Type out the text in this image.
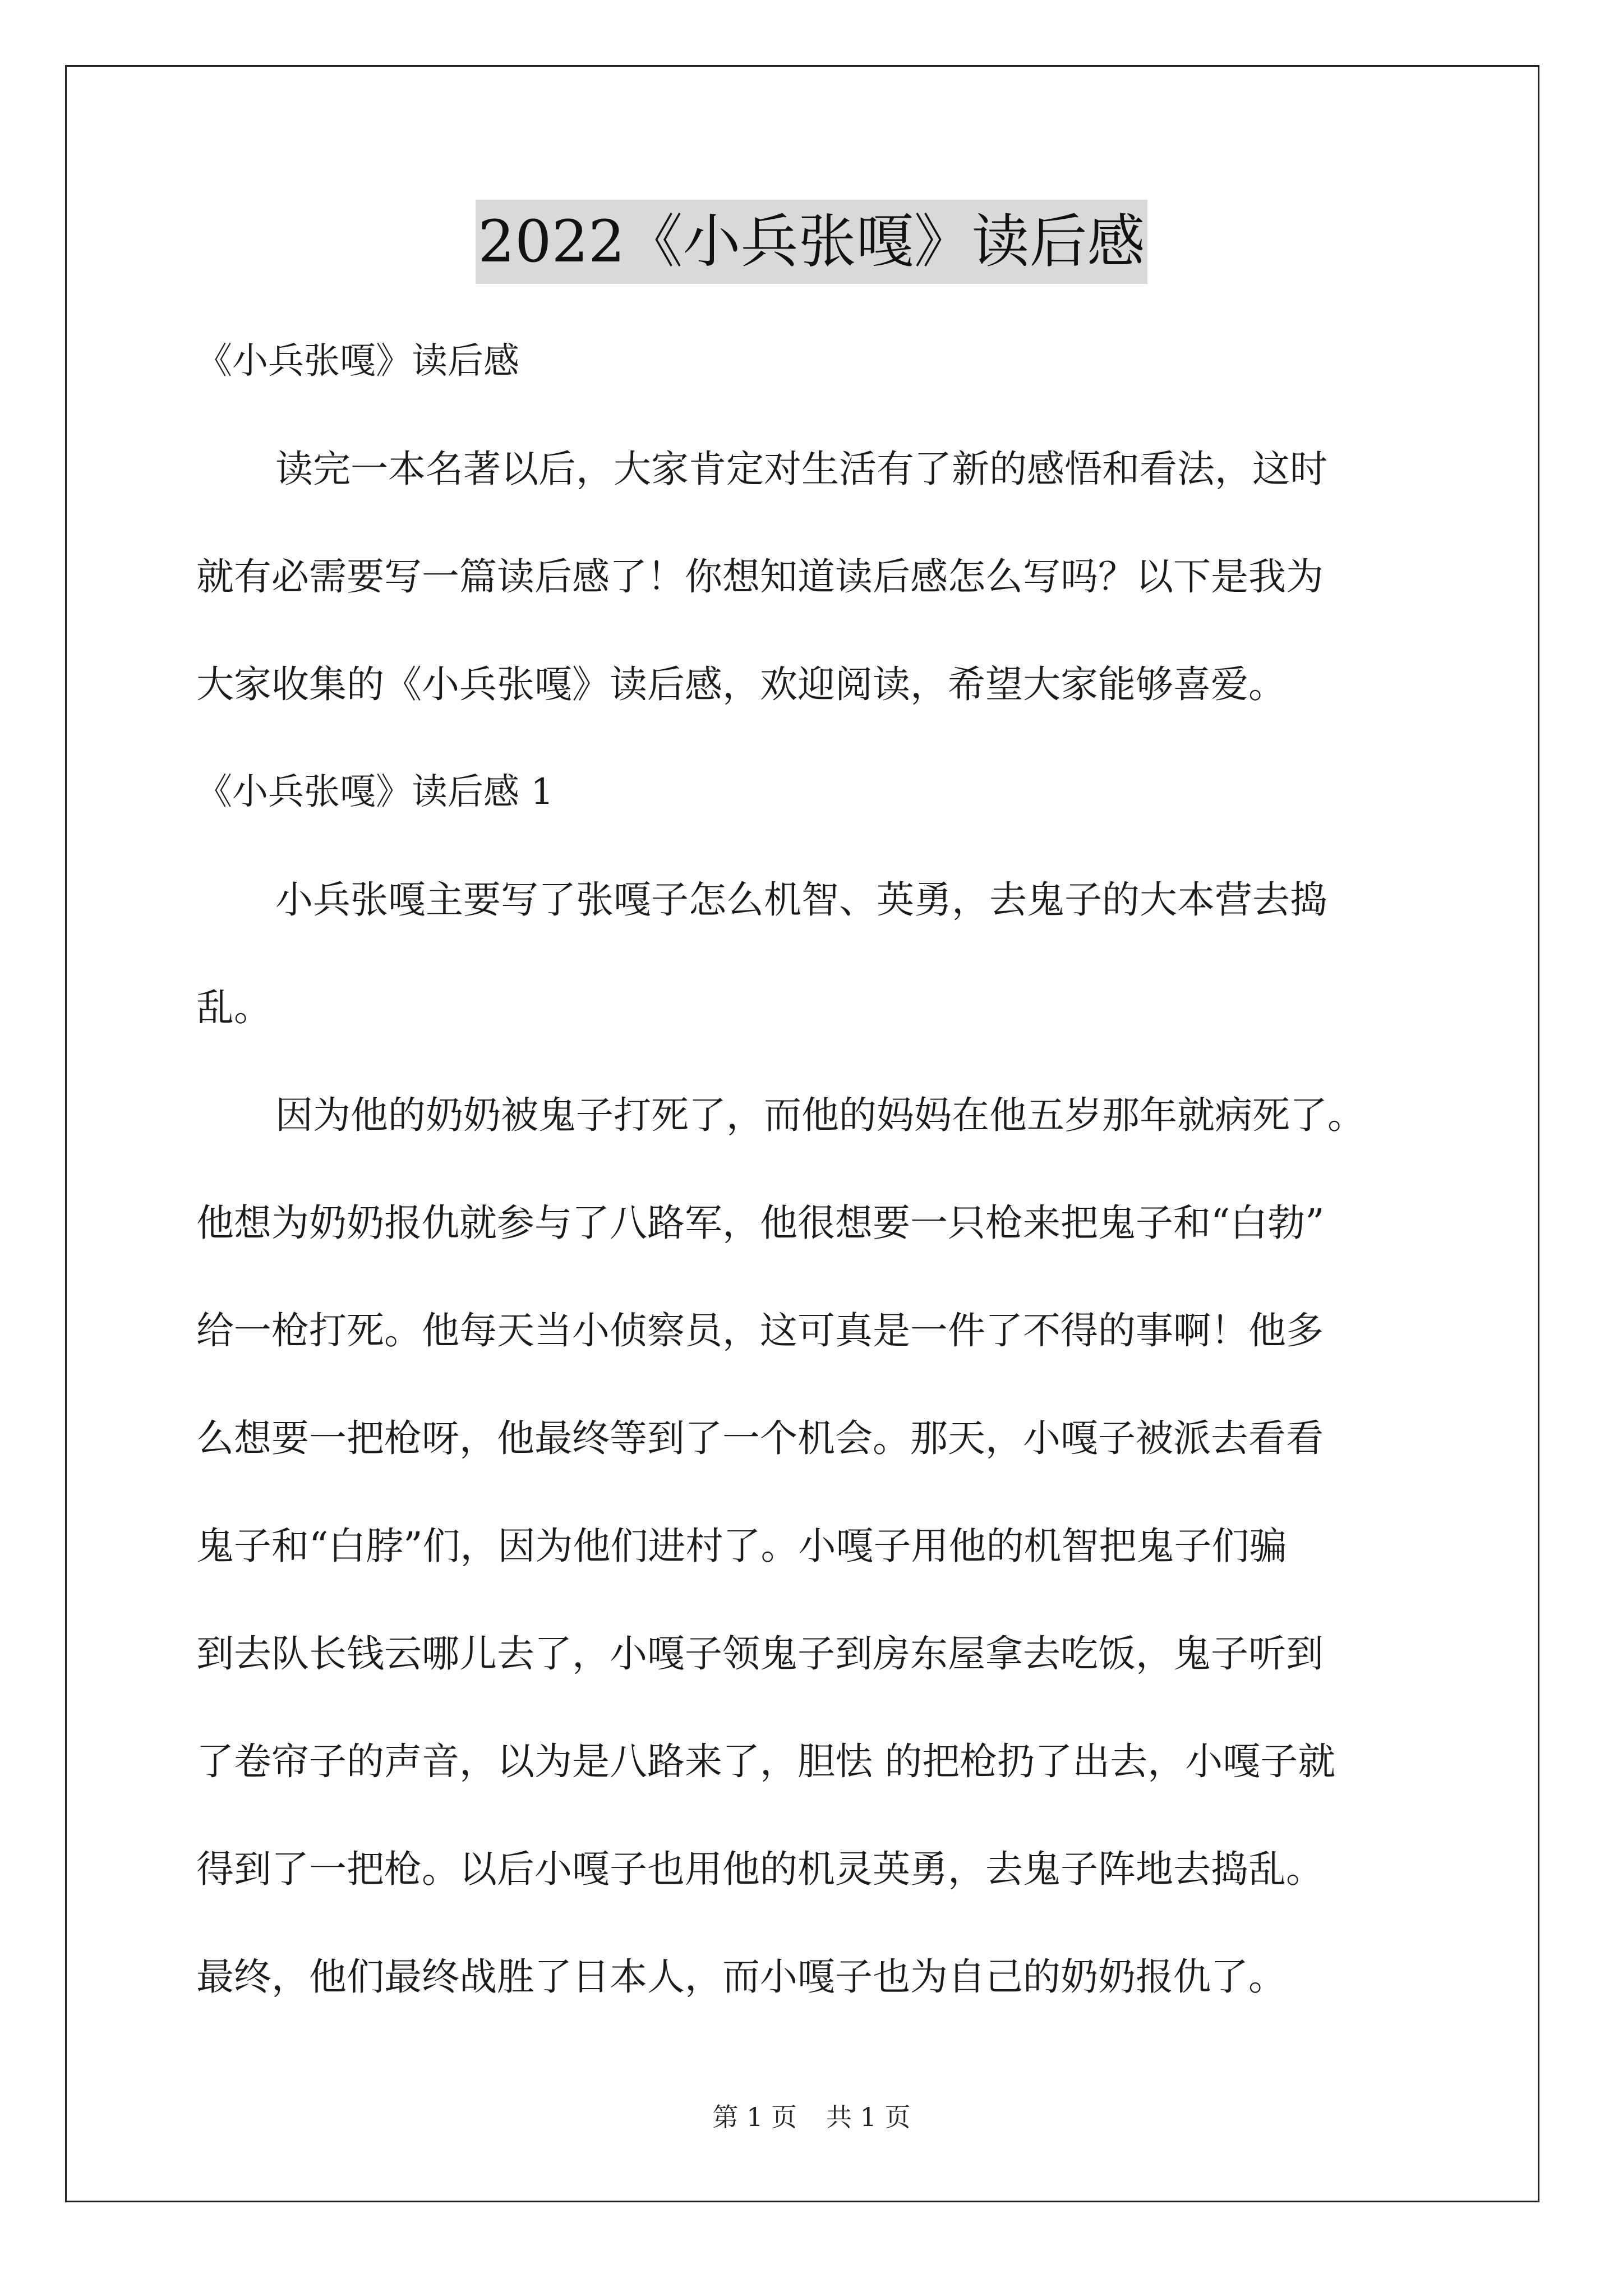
2022《小兵张嘎》读后感
《小兵张嘎》读后感
读完一本名著以后，大家肯定对生活有了新的感悟和看法，这时
就有必需要写一篇读后感了！你想知道读后感怎么写吗？以下是我为
大家收集的《小兵张嘎》读后感，欢迎阅读，希望大家能够喜爱。
《小兵张嘎》读后感 1
小兵张嘎主要写了张嘎子怎么机智、英勇，去鬼子的大本营去捣
乱。
因为他的奶奶被鬼子打死了，而他的妈妈在他五岁那年就病死了。
他想为奶奶报仇就参与了八路军，他很想要一只枪来把鬼子和“白勃”
给一枪打死。他每天当小侦察员，这可真是一件了不得的事啊！他多
么想要一把枪呀，他最终等到了一个机会。那天，小嘎子被派去看看
鬼子和“白脖”们，因为他们进村了。小嘎子用他的机智把鬼子们骗
到去队长钱云哪儿去了，小嘎子领鬼子到房东屋拿去吃饭，鬼子听到
了卷帘子的声音，以为是八路来了，胆怯 的把枪扔了出去，小嘎子就
得到了一把枪。以后小嘎子也用他的机灵英勇，去鬼子阵地去捣乱。
最终，他们最终战胜了日本人，而小嘎子也为自己的奶奶报仇了。
第 1 页 共 1 页
